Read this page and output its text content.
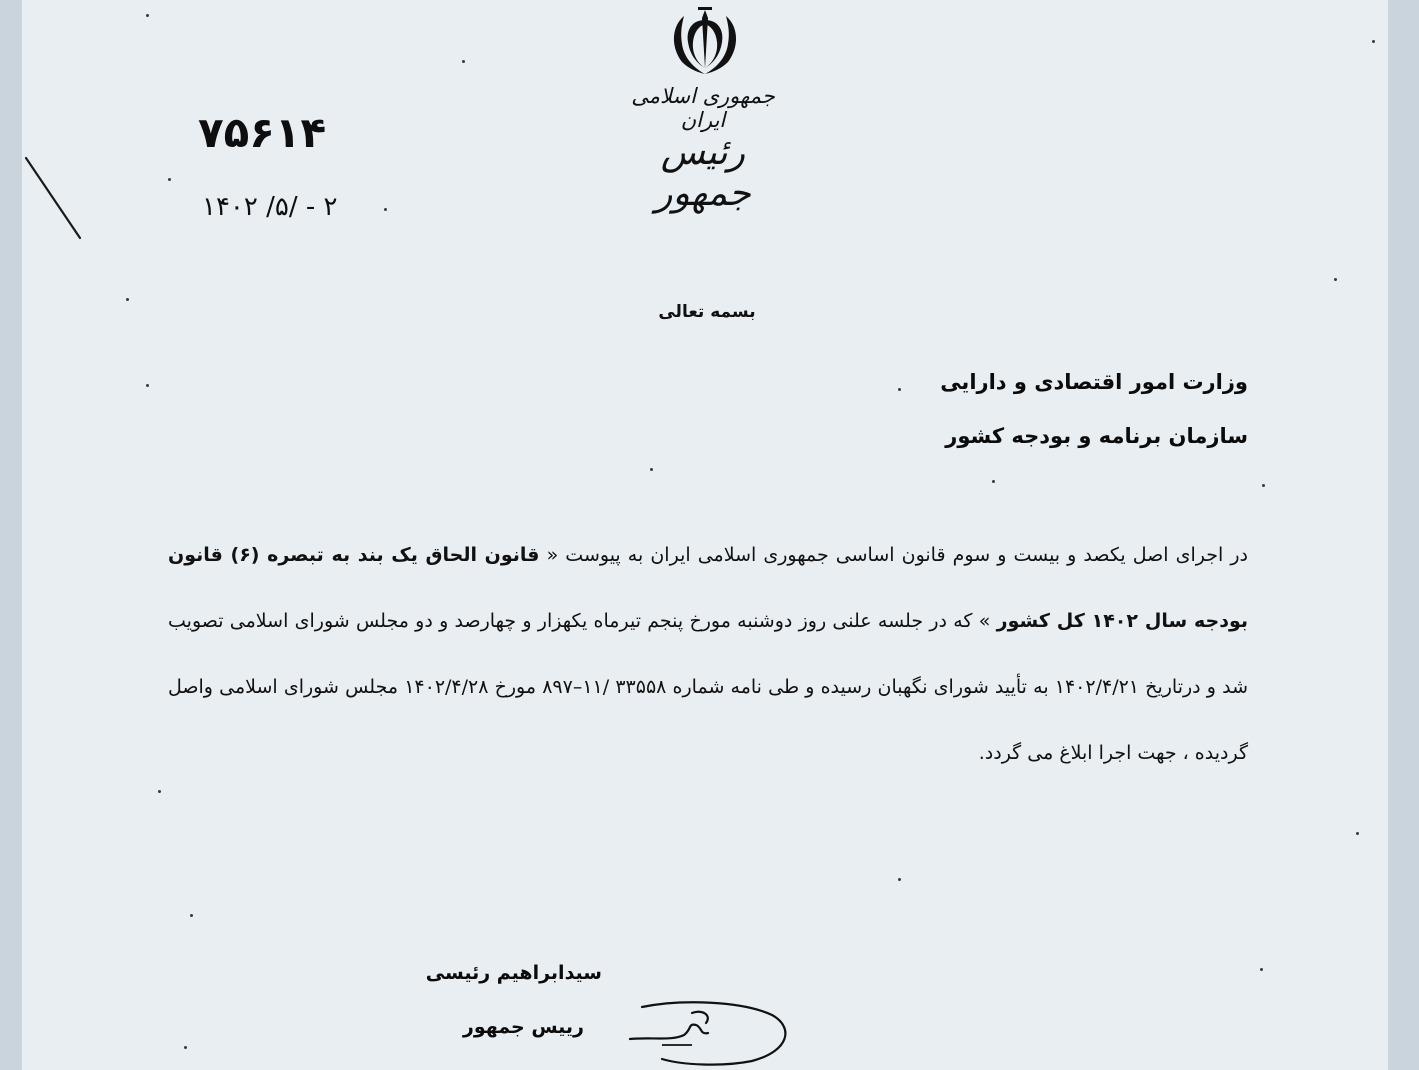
جمهوری اسلامی ایران
رئیس جمهور
۷۵۶۱۴
۱۴۰۲ /۵/ - ۲
بسمه تعالی
وزارت امور اقتصادی و دارایی
سازمان برنامه و بودجه کشور
در اجرای اصل یکصد و بیست و سوم قانون اساسی جمهوری اسلامی ایران به پیوست « قانون الحاق یک بند به تبصره (۶) قانون بودجه سال ۱۴۰۲ کل کشور » که در جلسه علنی روز دوشنبه مورخ پنجم تیرماه یکهزار و چهارصد و دو مجلس شورای اسلامی تصویب شد و درتاریخ ۱۴۰۲/۴/۲۱ به تأیید شورای نگهبان رسیده و طی نامه شماره ۳۳۵۵۸ /۱۱–۸۹۷ مورخ ۱۴۰۲/۴/۲۸ مجلس شورای اسلامی واصل گردیده ، جهت اجرا ابلاغ می گردد.
سیدابراهیم رئیسی
رییس جمهور
